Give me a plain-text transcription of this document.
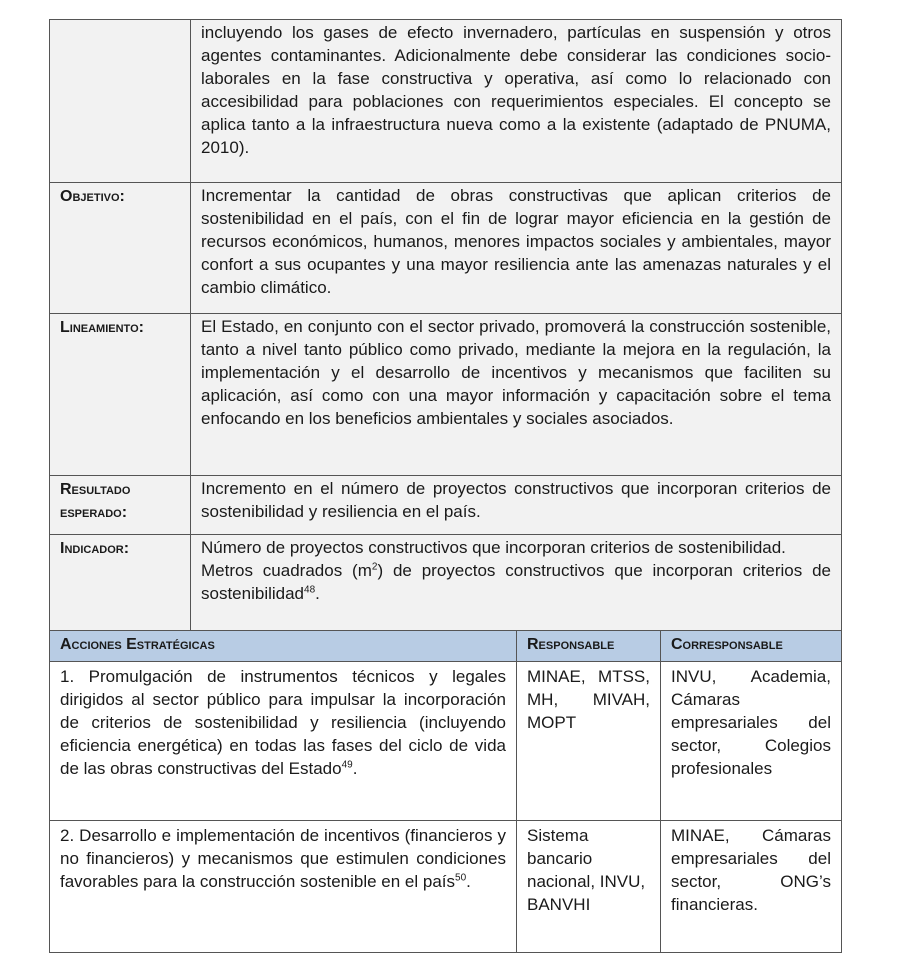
	incluyendo los gases de efecto invernadero, partículas en suspensión y otros agentes contaminantes. Adicionalmente debe considerar las condiciones socio-laborales en la fase constructiva y operativa, así como lo relacionado con accesibilidad para poblaciones con requerimientos especiales. El concepto se aplica tanto a la infraestructura nueva como a la existente (adaptado de PNUMA, 2010).		
Objetivo:	Incrementar la cantidad de obras constructivas que aplican criterios de sostenibilidad en el país, con el fin de lograr mayor eficiencia en la gestión de recursos económicos, humanos, menores impactos sociales y ambientales, mayor confort a sus ocupantes y una mayor resiliencia ante las amenazas naturales y el cambio climático.		
Lineamiento:	El Estado, en conjunto con el sector privado, promoverá la construcción sostenible, tanto a nivel tanto público como privado, mediante la mejora en la regulación, la implementación y el desarrollo de incentivos y mecanismos que faciliten su aplicación, así como con una mayor información y capacitación sobre el tema enfocando en los beneficios ambientales y sociales asociados.		
Resultado esperado:	Incremento en el número de proyectos constructivos que incorporan criterios de sostenibilidad y resiliencia en el país.		
Indicador:	Número de proyectos constructivos que incorporan criterios de sostenibilidad.
Metros cuadrados $(m^2)$ de proyectos constructivos que incorporan criterios de sostenibilidad$^{48}$.		

Acciones Estratégicas		Responsable	Corresponsable
1. Promulgación de instrumentos técnicos y legales dirigidos al sector público para impulsar la incorporación de criterios de sostenibilidad y resiliencia (incluyendo eficiencia energética) en todas las fases del ciclo de vida de las obras constructivas del Estado$^{49}$.		MINAE, MTSS, MH, MIVAH, MOPT	INVU, Academia, Cámaras empresariales del sector, Colegios profesionales
2. Desarrollo e implementación de incentivos (financieros y no financieros) y mecanismos que estimulen condiciones favorables para la construcción sostenible en el país$^{50}$.		Sistema bancario nacional, INVU, BANVHI	MINAE, Cámaras empresariales del sector, ONG’s financieras.
